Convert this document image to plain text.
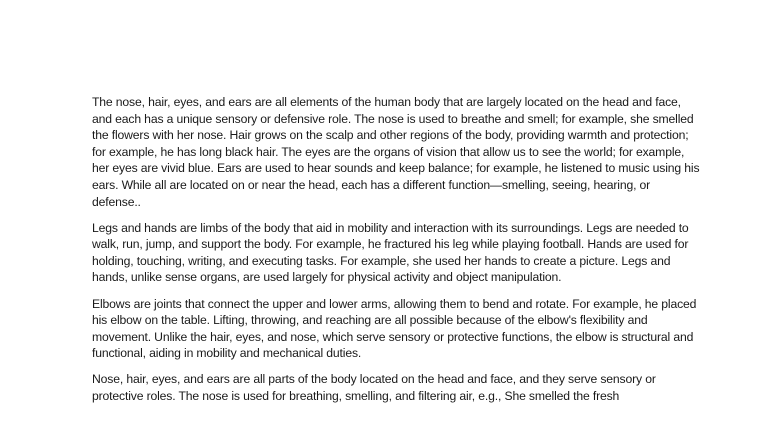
The nose, hair, eyes, and ears are all elements of the human body that are largely located on the head and face, and each has a unique sensory or defensive role. The nose is used to breathe and smell; for example, she smelled the flowers with her nose. Hair grows on the scalp and other regions of the body, providing warmth and protection; for example, he has long black hair. The eyes are the organs of vision that allow us to see the world; for example, her eyes are vivid blue. Ears are used to hear sounds and keep balance; for example, he listened to music using his ears. While all are located on or near the head, each has a different function—smelling, seeing, hearing, or defense..

Legs and hands are limbs of the body that aid in mobility and interaction with its surroundings. Legs are needed to walk, run, jump, and support the body. For example, he fractured his leg while playing football. Hands are used for holding, touching, writing, and executing tasks. For example, she used her hands to create a picture. Legs and hands, unlike sense organs, are used largely for physical activity and object manipulation.

Elbows are joints that connect the upper and lower arms, allowing them to bend and rotate. For example, he placed his elbow on the table. Lifting, throwing, and reaching are all possible because of the elbow's flexibility and movement. Unlike the hair, eyes, and nose, which serve sensory or protective functions, the elbow is structural and functional, aiding in mobility and mechanical duties.

Nose, hair, eyes, and ears are all parts of the body located on the head and face, and they serve sensory or protective roles. The nose is used for breathing, smelling, and filtering air, e.g., She smelled the fresh
